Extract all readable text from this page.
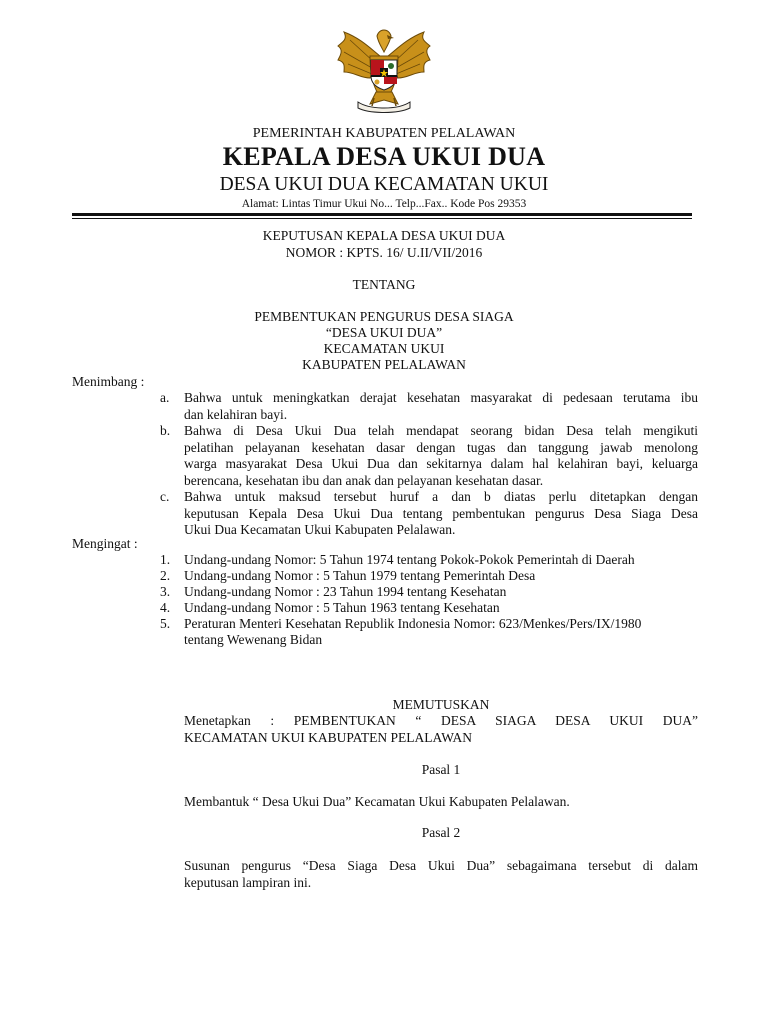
PEMERINTAH KABUPATEN PELALAWAN
KEPALA DESA UKUI DUA
DESA UKUI DUA KECAMATAN UKUI
Alamat: Lintas Timur Ukui No... Telp...Fax.. Kode Pos 29353
KEPUTUSAN KEPALA DESA UKUI DUA
NOMOR : KPTS. 16/ U.II/VII/2016
TENTANG
PEMBENTUKAN PENGURUS DESA SIAGA
“DESA UKUI DUA”
KECAMATAN UKUI
KABUPATEN PELALAWAN
Menimbang :
a. Bahwa untuk meningkatkan derajat kesehatan masyarakat di pedesaan terutama ibu
dan kelahiran bayi.
b. Bahwa di Desa Ukui Dua telah mendapat seorang bidan Desa telah mengikuti
pelatihan pelayanan kesehatan dasar dengan tugas dan tanggung jawab menolong
warga masyarakat Desa Ukui Dua dan sekitarnya dalam hal kelahiran bayi, keluarga
berencana, kesehatan ibu dan anak dan pelayanan kesehatan dasar.
c. Bahwa untuk maksud tersebut huruf a dan b diatas perlu ditetapkan dengan
keputusan Kepala Desa Ukui Dua tentang pembentukan pengurus Desa Siaga Desa
Ukui Dua Kecamatan Ukui Kabupaten Pelalawan.
Mengingat :
1. Undang-undang Nomor: 5 Tahun 1974 tentang Pokok-Pokok Pemerintah di Daerah
2. Undang-undang Nomor : 5 Tahun 1979 tentang Pemerintah Desa
3. Undang-undang Nomor : 23 Tahun 1994 tentang Kesehatan
4. Undang-undang Nomor : 5 Tahun 1963 tentang Kesehatan
5. Peraturan Menteri Kesehatan Republik Indonesia Nomor: 623/Menkes/Pers/IX/1980
tentang Wewenang Bidan
MEMUTUSKAN
Menetapkan : PEMBENTUKAN “ DESA SIAGA DESA UKUI DUA”
KECAMATAN UKUI KABUPATEN PELALAWAN
Pasal 1
Membantuk “ Desa Ukui Dua” Kecamatan Ukui Kabupaten Pelalawan.
Pasal 2
Susunan pengurus “Desa Siaga Desa Ukui Dua” sebagaimana tersebut di dalam
keputusan lampiran ini.
